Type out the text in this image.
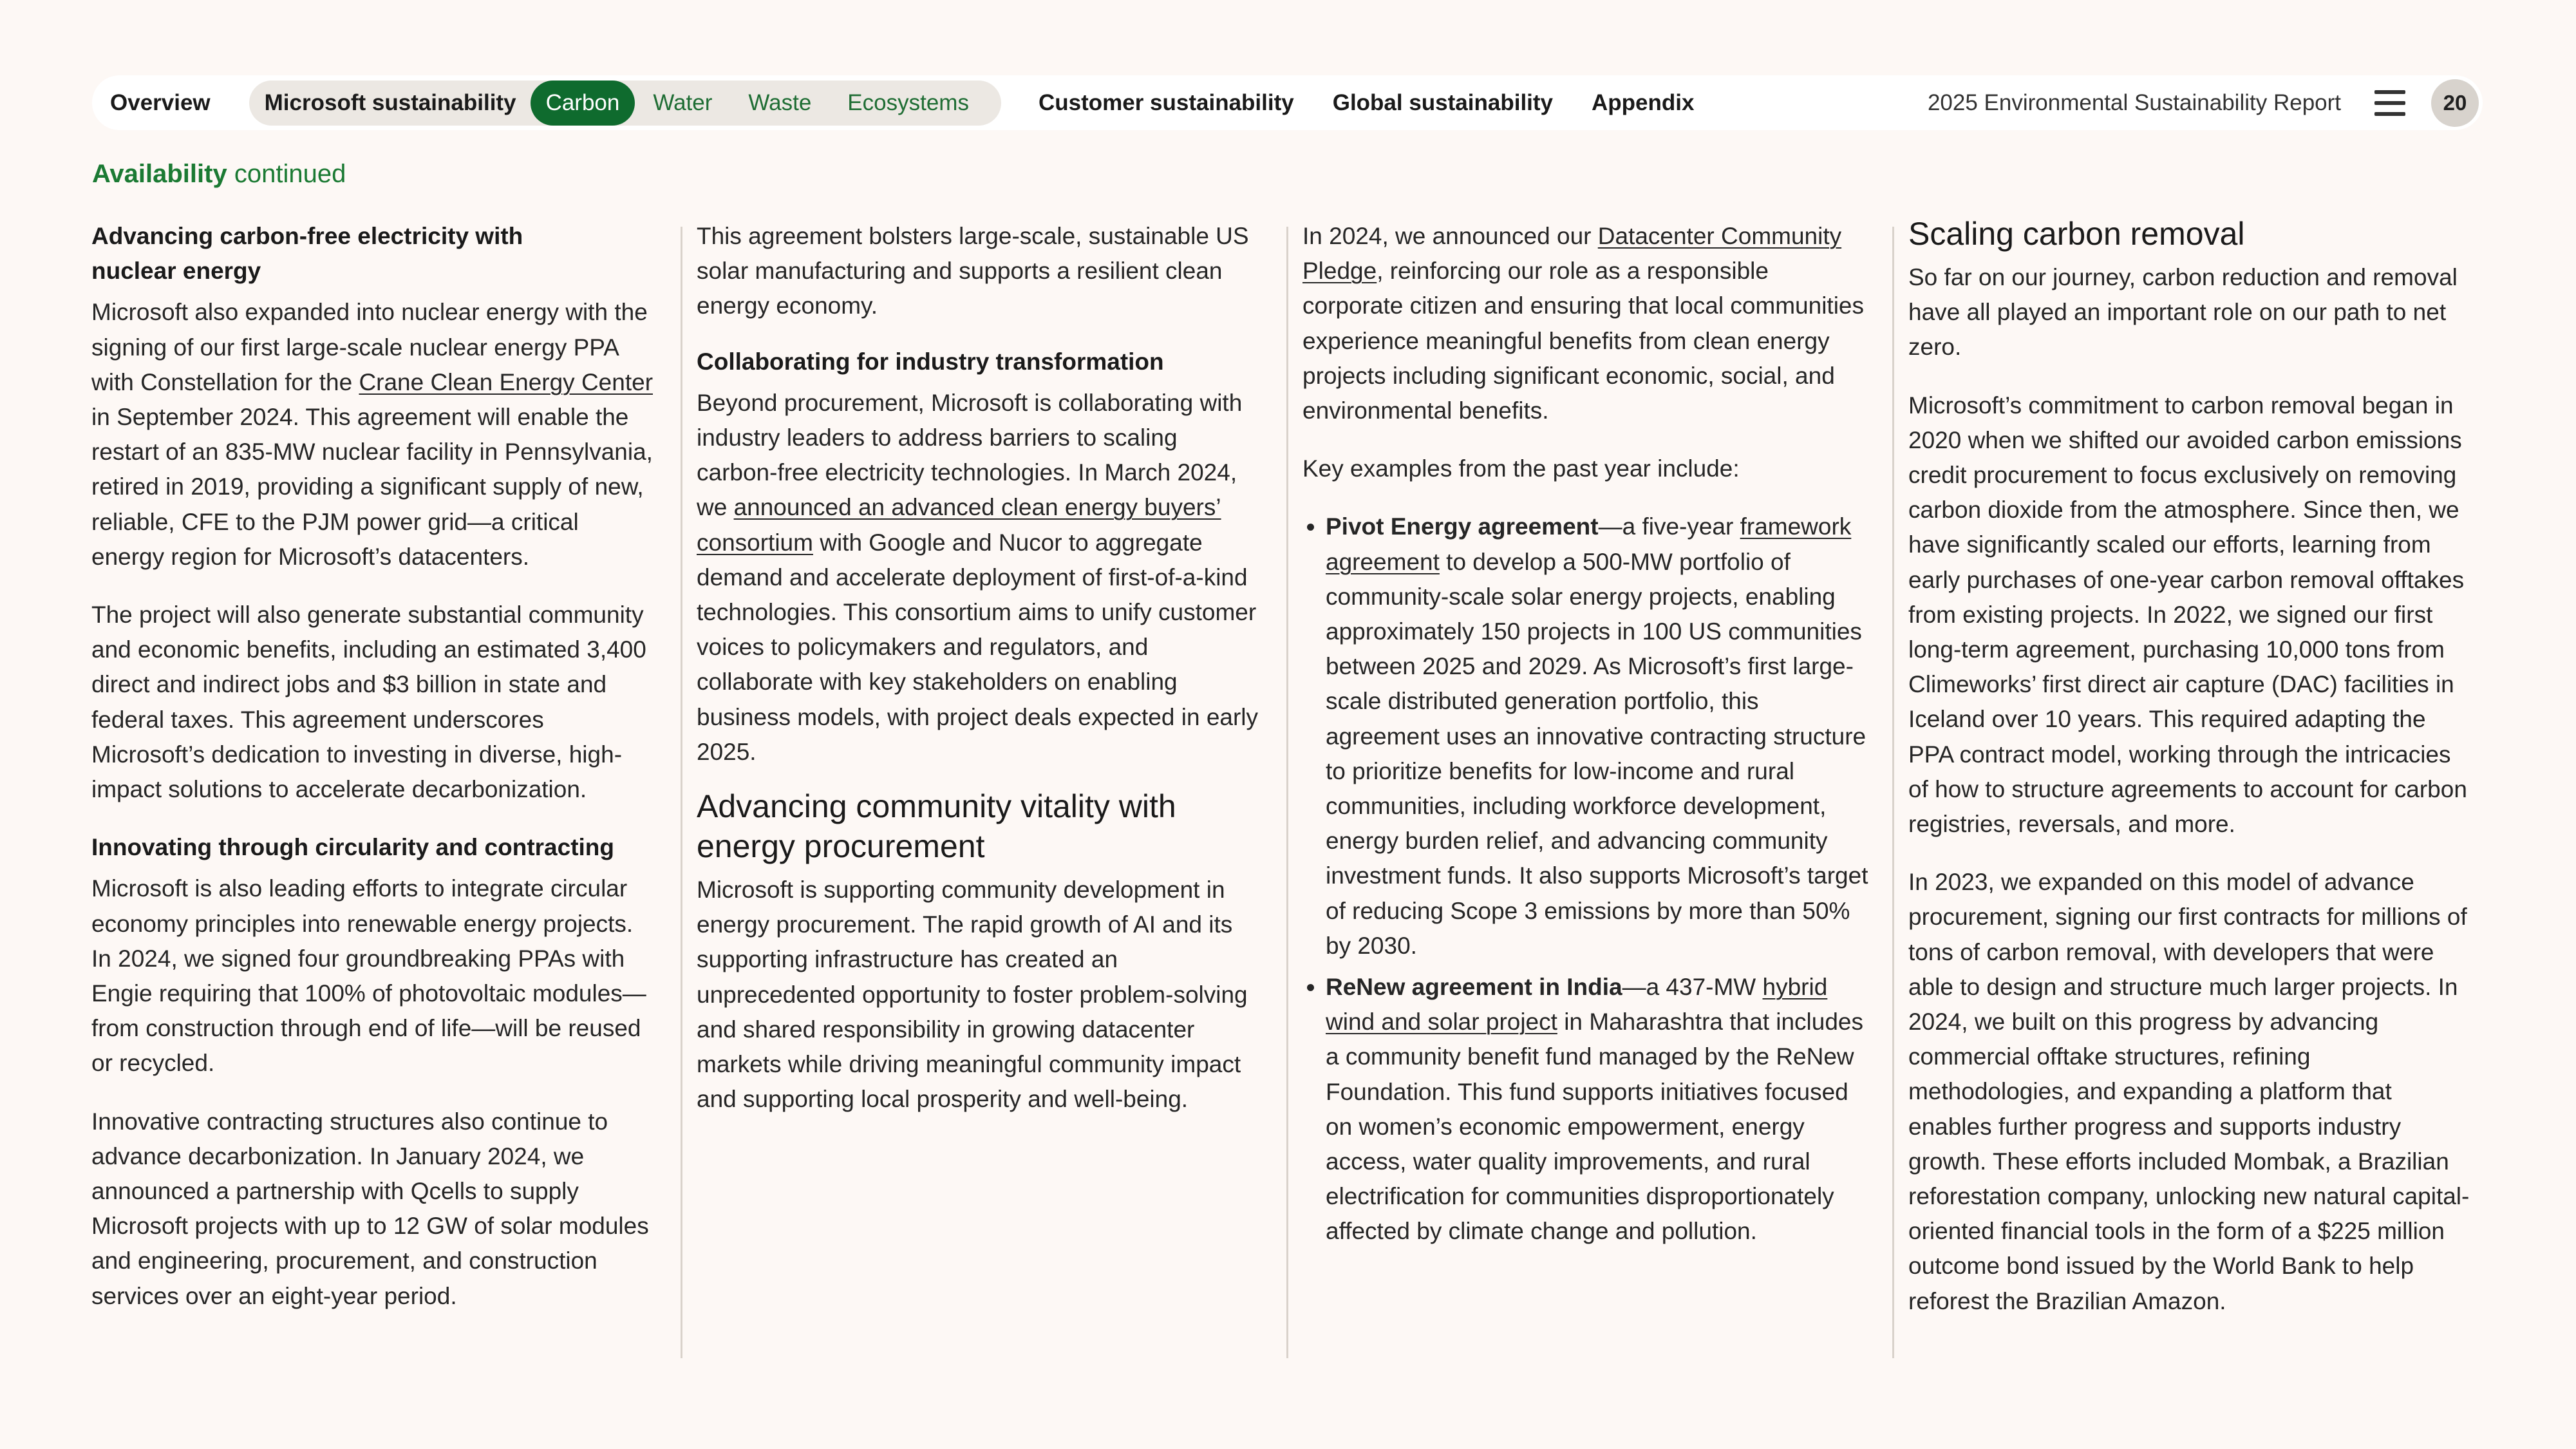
Overview	Microsoft sustainability	Carbon	Water	Waste	Ecosystems	Customer sustainability	Global sustainability	Appendix	2025 Environmental Sustainability Report	20
Availability continued
Advancing carbon-free electricity with
nuclear energy

Microsoft also expanded into nuclear energy with the signing of our first large-scale nuclear energy PPA with Constellation for the Crane Clean Energy Center in September 2024. This agreement will enable the restart of an 835-MW nuclear facility in Pennsylvania, retired in 2019, providing a significant supply of new, reliable, CFE to the PJM power grid—a critical energy region for Microsoft’s datacenters.

The project will also generate substantial community and economic benefits, including an estimated 3,400 direct and indirect jobs and $3 billion in state and federal taxes. This agreement underscores Microsoft’s dedication to investing in diverse, high-impact solutions to accelerate decarbonization.

Innovating through circularity and contracting

Microsoft is also leading efforts to integrate circular economy principles into renewable energy projects. In 2024, we signed four groundbreaking PPAs with Engie requiring that 100% of photovoltaic modules—from construction through end of life—will be reused or recycled.

Innovative contracting structures also continue to advance decarbonization. In January 2024, we announced a partnership with Qcells to supply Microsoft projects with up to 12 GW of solar modules and engineering, procurement, and construction services over an eight-year period.

This agreement bolsters large-scale, sustainable US solar manufacturing and supports a resilient clean energy economy.

Collaborating for industry transformation

Beyond procurement, Microsoft is collaborating with industry leaders to address barriers to scaling carbon-free electricity technologies. In March 2024, we announced an advanced clean energy buyers’ consortium with Google and Nucor to aggregate demand and accelerate deployment of first-of-a-kind technologies. This consortium aims to unify customer voices to policymakers and regulators, and collaborate with key stakeholders on enabling business models, with project deals expected in early 2025.

Advancing community vitality with energy procurement

Microsoft is supporting community development in energy procurement. The rapid growth of AI and its supporting infrastructure has created an unprecedented opportunity to foster problem-solving and shared responsibility in growing datacenter markets while driving meaningful community impact and supporting local prosperity and well-being.

In 2024, we announced our Datacenter Community Pledge, reinforcing our role as a responsible corporate citizen and ensuring that local communities experience meaningful benefits from clean energy projects including significant economic, social, and environmental benefits.

Key examples from the past year include:

• Pivot Energy agreement—a five-year framework agreement to develop a 500-MW portfolio of community-scale solar energy projects, enabling approximately 150 projects in 100 US communities between 2025 and 2029. As Microsoft’s first large-scale distributed generation portfolio, this agreement uses an innovative contracting structure to prioritize benefits for low-income and rural communities, including workforce development, energy burden relief, and advancing community investment funds. It also supports Microsoft’s target of reducing Scope 3 emissions by more than 50% by 2030.
• ReNew agreement in India—a 437-MW hybrid wind and solar project in Maharashtra that includes a community benefit fund managed by the ReNew Foundation. This fund supports initiatives focused on women’s economic empowerment, energy access, water quality improvements, and rural electrification for communities disproportionately affected by climate change and pollution.
Scaling carbon removal

So far on our journey, carbon reduction and removal have all played an important role on our path to net zero.

Microsoft’s commitment to carbon removal began in 2020 when we shifted our avoided carbon emissions credit procurement to focus exclusively on removing carbon dioxide from the atmosphere. Since then, we have significantly scaled our efforts, learning from early purchases of one-year carbon removal offtakes from existing projects. In 2022, we signed our first long-term agreement, purchasing 10,000 tons from Climeworks’ first direct air capture (DAC) facilities in Iceland over 10 years. This required adapting the PPA contract model, working through the intricacies of how to structure agreements to account for carbon registries, reversals, and more.

In 2023, we expanded on this model of advance procurement, signing our first contracts for millions of tons of carbon removal, with developers that were able to design and structure much larger projects. In 2024, we built on this progress by advancing commercial offtake structures, refining methodologies, and expanding a platform that enables further progress and supports industry growth. These efforts included Mombak, a Brazilian reforestation company, unlocking new natural capital-oriented financial tools in the form of a $225 million outcome bond issued by the World Bank to help reforest the Brazilian Amazon.
